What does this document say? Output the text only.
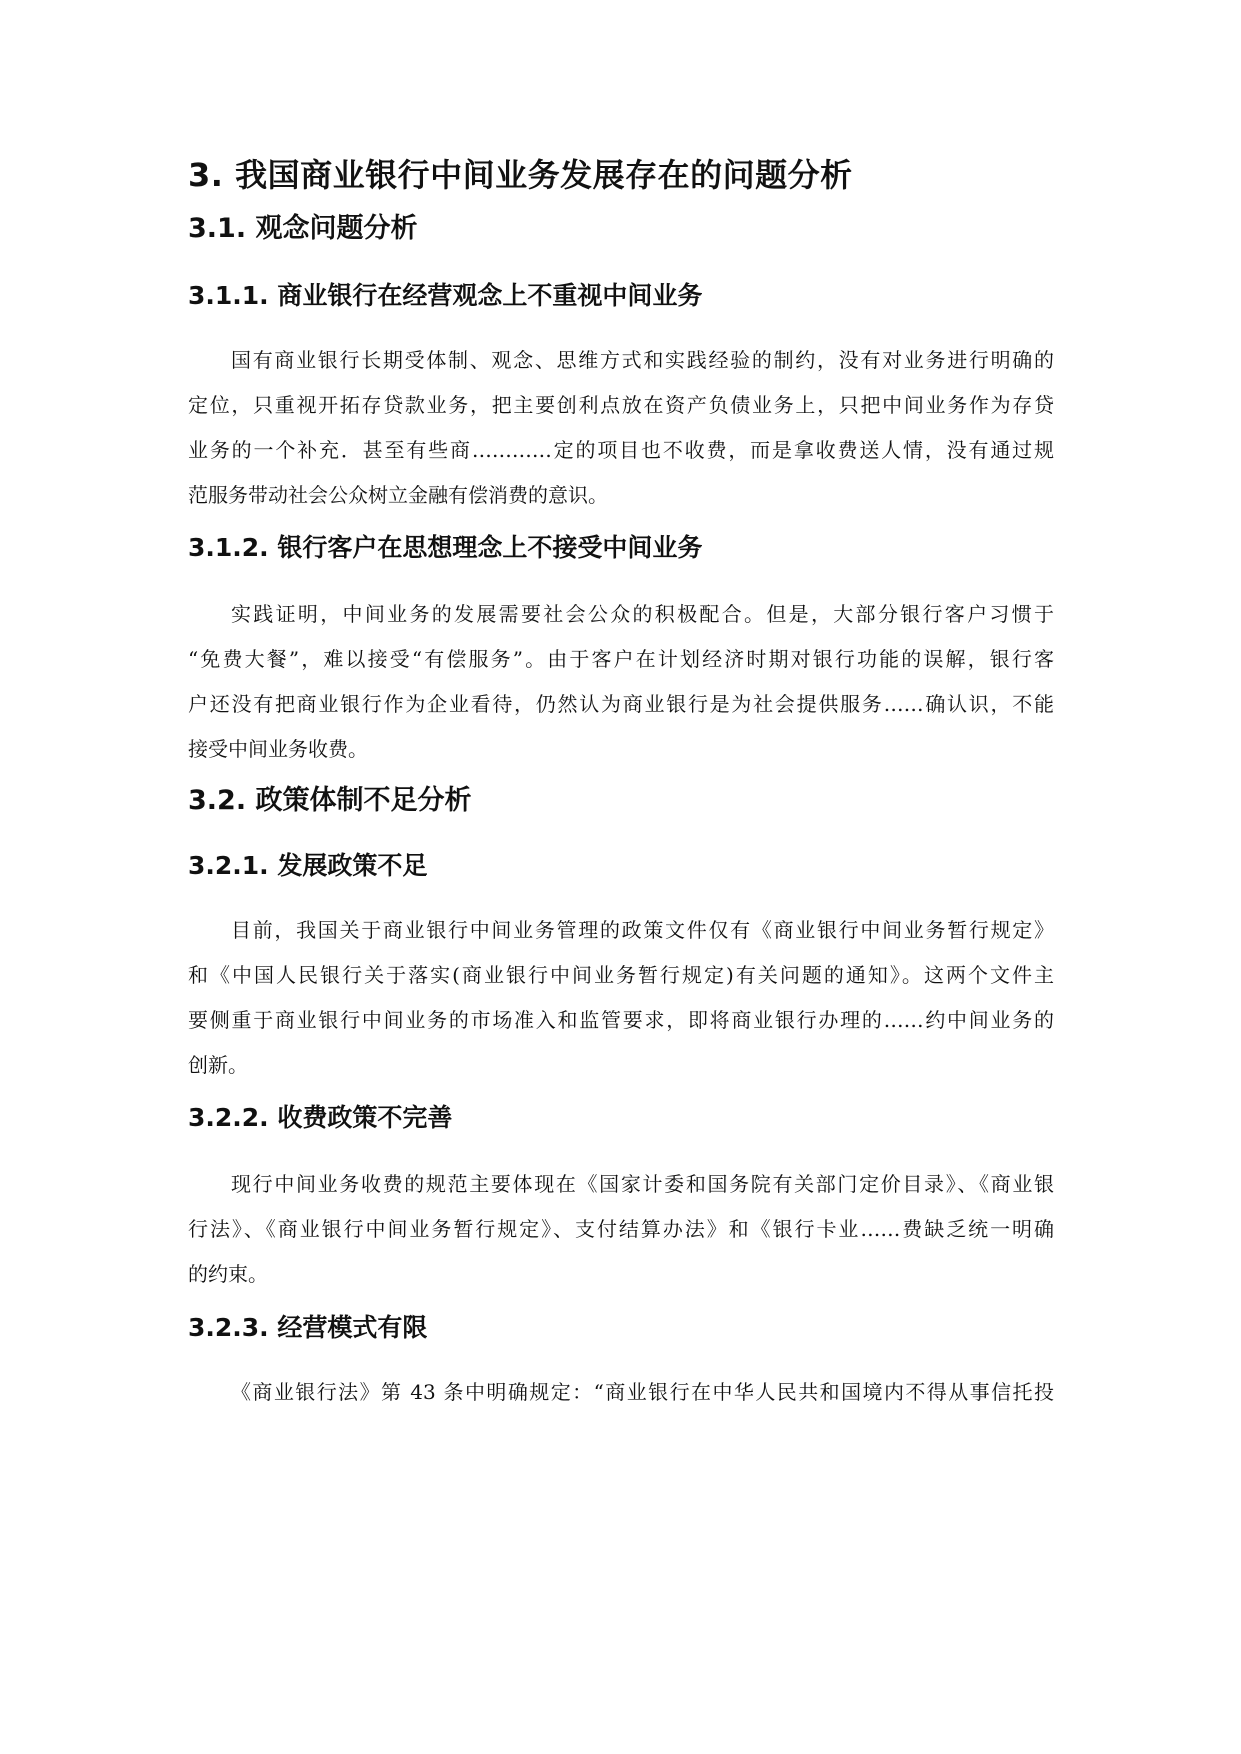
3. 我国商业银行中间业务发展存在的问题分析
3.1. 观念问题分析
3.1.1. 商业银行在经营观念上不重视中间业务
国有商业银行长期受体制、观念、思维方式和实践经验的制约，没有对业务进行明确的
定位，只重视开拓存贷款业务，把主要创利点放在资产负债业务上，只把中间业务作为存贷
业务的一个补充．甚至有些商…………定的项目也不收费，而是拿收费送人情，没有通过规
范服务带动社会公众树立金融有偿消费的意识。
3.1.2. 银行客户在思想理念上不接受中间业务
实践证明，中间业务的发展需要社会公众的积极配合。但是，大部分银行客户习惯于
“免费大餐”，难以接受“有偿服务”。由于客户在计划经济时期对银行功能的误解，银行客
户还没有把商业银行作为企业看待，仍然认为商业银行是为社会提供服务……确认识，不能
接受中间业务收费。
3.2. 政策体制不足分析
3.2.1. 发展政策不足
目前，我国关于商业银行中间业务管理的政策文件仅有《商业银行中间业务暂行规定》
和《中国人民银行关于落实(商业银行中间业务暂行规定)有关问题的通知》。这两个文件主
要侧重于商业银行中间业务的市场准入和监管要求，即将商业银行办理的……约中间业务的
创新。
3.2.2. 收费政策不完善
现行中间业务收费的规范主要体现在《国家计委和国务院有关部门定价目录》、《商业银
行法》、《商业银行中间业务暂行规定》、支付结算办法》和《银行卡业……费缺乏统一明确
的约束。
3.2.3. 经营模式有限
《商业银行法》第 43 条中明确规定：“商业银行在中华人民共和国境内不得从事信托投
